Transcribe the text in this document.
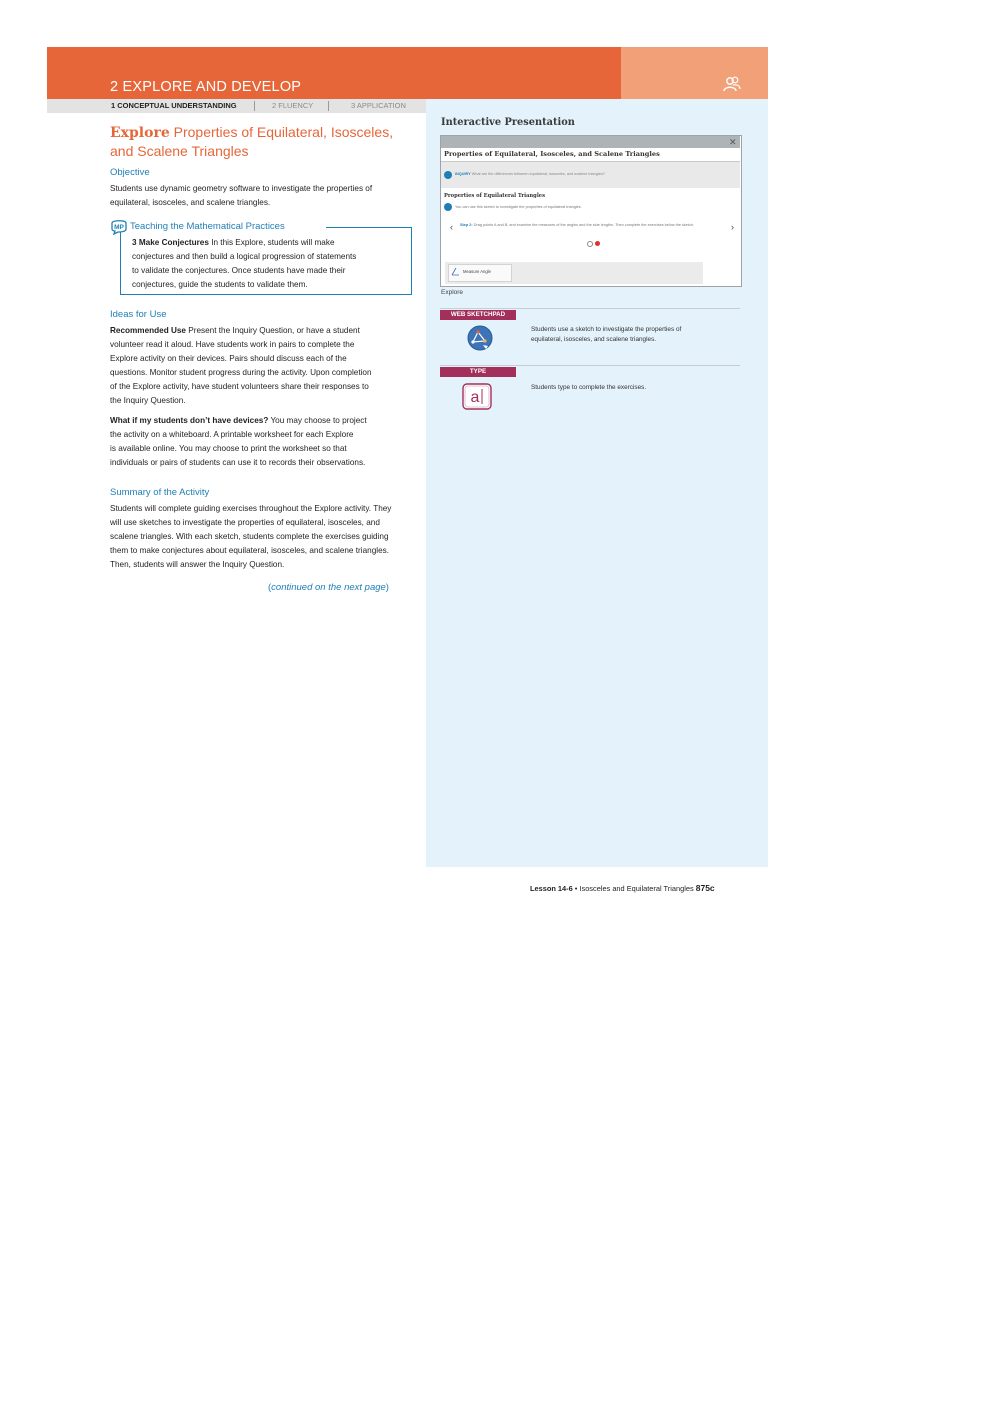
2 EXPLORE AND DEVELOP
1 CONCEPTUAL UNDERSTANDING	2 FLUENCY	3 APPLICATION
Explore Properties of Equilateral, Isosceles,
and Scalene Triangles
Objective
Students use dynamic geometry software to investigate the properties of
equilateral, isosceles, and scalene triangles.
MP Teaching the Mathematical Practices
3 Make Conjectures In this Explore, students will make
conjectures and then build a logical progression of statements
to validate the conjectures. Once students have made their
conjectures, guide the students to validate them.
Ideas for Use
Recommended Use Present the Inquiry Question, or have a student
volunteer read it aloud. Have students work in pairs to complete the
Explore activity on their devices. Pairs should discuss each of the
questions. Monitor student progress during the activity. Upon completion
of the Explore activity, have student volunteers share their responses to
the Inquiry Question.
What if my students don’t have devices? You may choose to project
the activity on a whiteboard. A printable worksheet for each Explore
is available online. You may choose to print the worksheet so that
individuals or pairs of students can use it to records their observations.
Summary of the Activity
Students will complete guiding exercises throughout the Explore activity. They
will use sketches to investigate the properties of equilateral, isosceles, and
scalene triangles. With each sketch, students complete the exercises guiding
them to make conjectures about equilateral, isosceles, and scalene triangles.
Then, students will answer the Inquiry Question.
(continued on the next page)
Interactive Presentation
✕
Properties of Equilateral, Isosceles, and Scalene Triangles
INQUIRY What are the differences between equilateral, isosceles, and scalene triangles?
Properties of Equilateral Triangles
You can use this sketch to investigate the properties of equilateral triangles.
‹ Step 2: Drag points A and B, and examine the measures of the angles and the side lengths. Then complete the exercises below the sketch.	›
Measure Angle
Explore
WEB SKETCHPAD
Students use a sketch to investigate the properties of
equilateral, isosceles, and scalene triangles.
TYPE
a
Students type to complete the exercises.
Lesson 14-6 • Isosceles and Equilateral Triangles 875c
